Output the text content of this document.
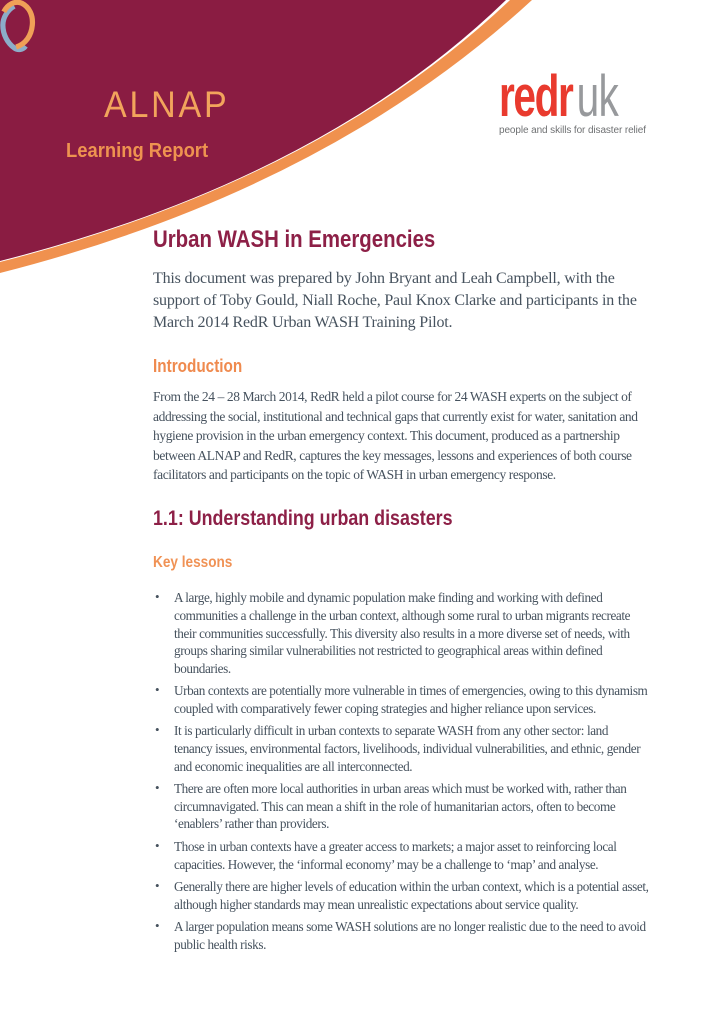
ALNAP
Learning Report
redruk
people and skills for disaster relief
Urban WASH in Emergencies
This document was prepared by John Bryant and Leah Campbell, with the support of Toby Gould, Niall Roche, Paul Knox Clarke and participants in the March 2014 RedR Urban WASH Training Pilot.
Introduction
From the 24 – 28 March 2014, RedR held a pilot course for 24 WASH experts on the subject of addressing the social, institutional and technical gaps that currently exist for water, sanitation and hygiene provision in the urban emergency context. This document, produced as a partnership between ALNAP and RedR, captures the key messages, lessons and experiences of both course facilitators and participants on the topic of WASH in urban emergency response.
1.1: Understanding urban disasters
Key lessons
• A large, highly mobile and dynamic population make finding and working with defined communities a challenge in the urban context, although some rural to urban migrants recreate their communities successfully. This diversity also results in a more diverse set of needs, with groups sharing similar vulnerabilities not restricted to geographical areas within defined boundaries.
• Urban contexts are potentially more vulnerable in times of emergencies, owing to this dynamism coupled with comparatively fewer coping strategies and higher reliance upon services.
• It is particularly difficult in urban contexts to separate WASH from any other sector: land tenancy issues, environmental factors, livelihoods, individual vulnerabilities, and ethnic, gender and economic inequalities are all interconnected.
• There are often more local authorities in urban areas which must be worked with, rather than circumnavigated. This can mean a shift in the role of humanitarian actors, often to become ‘enablers’ rather than providers.
• Those in urban contexts have a greater access to markets; a major asset to reinforcing local capacities. However, the ‘informal economy’ may be a challenge to ‘map’ and analyse.
• Generally there are higher levels of education within the urban context, which is a potential asset, although higher standards may mean unrealistic expectations about service quality.
• A larger population means some WASH solutions are no longer realistic due to the need to avoid public health risks.
